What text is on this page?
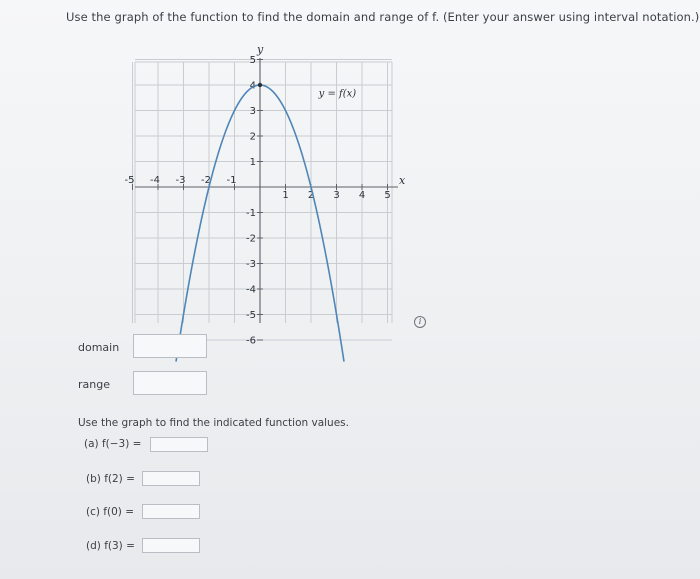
Use the graph of the function to find the domain and range of f. (Enter your answer using interval notation.)
-5 -4 -3 -2 -1
1 2 3 4 5
5
4
3
2
1
-1
-2
-3
-4
-5
-6
x
y
y = f(x)
i
domain
range
Use the graph to find the indicated function values.
(a) f(−3) =
(b) f(2) =
(c) f(0) =
(d) f(3) =
